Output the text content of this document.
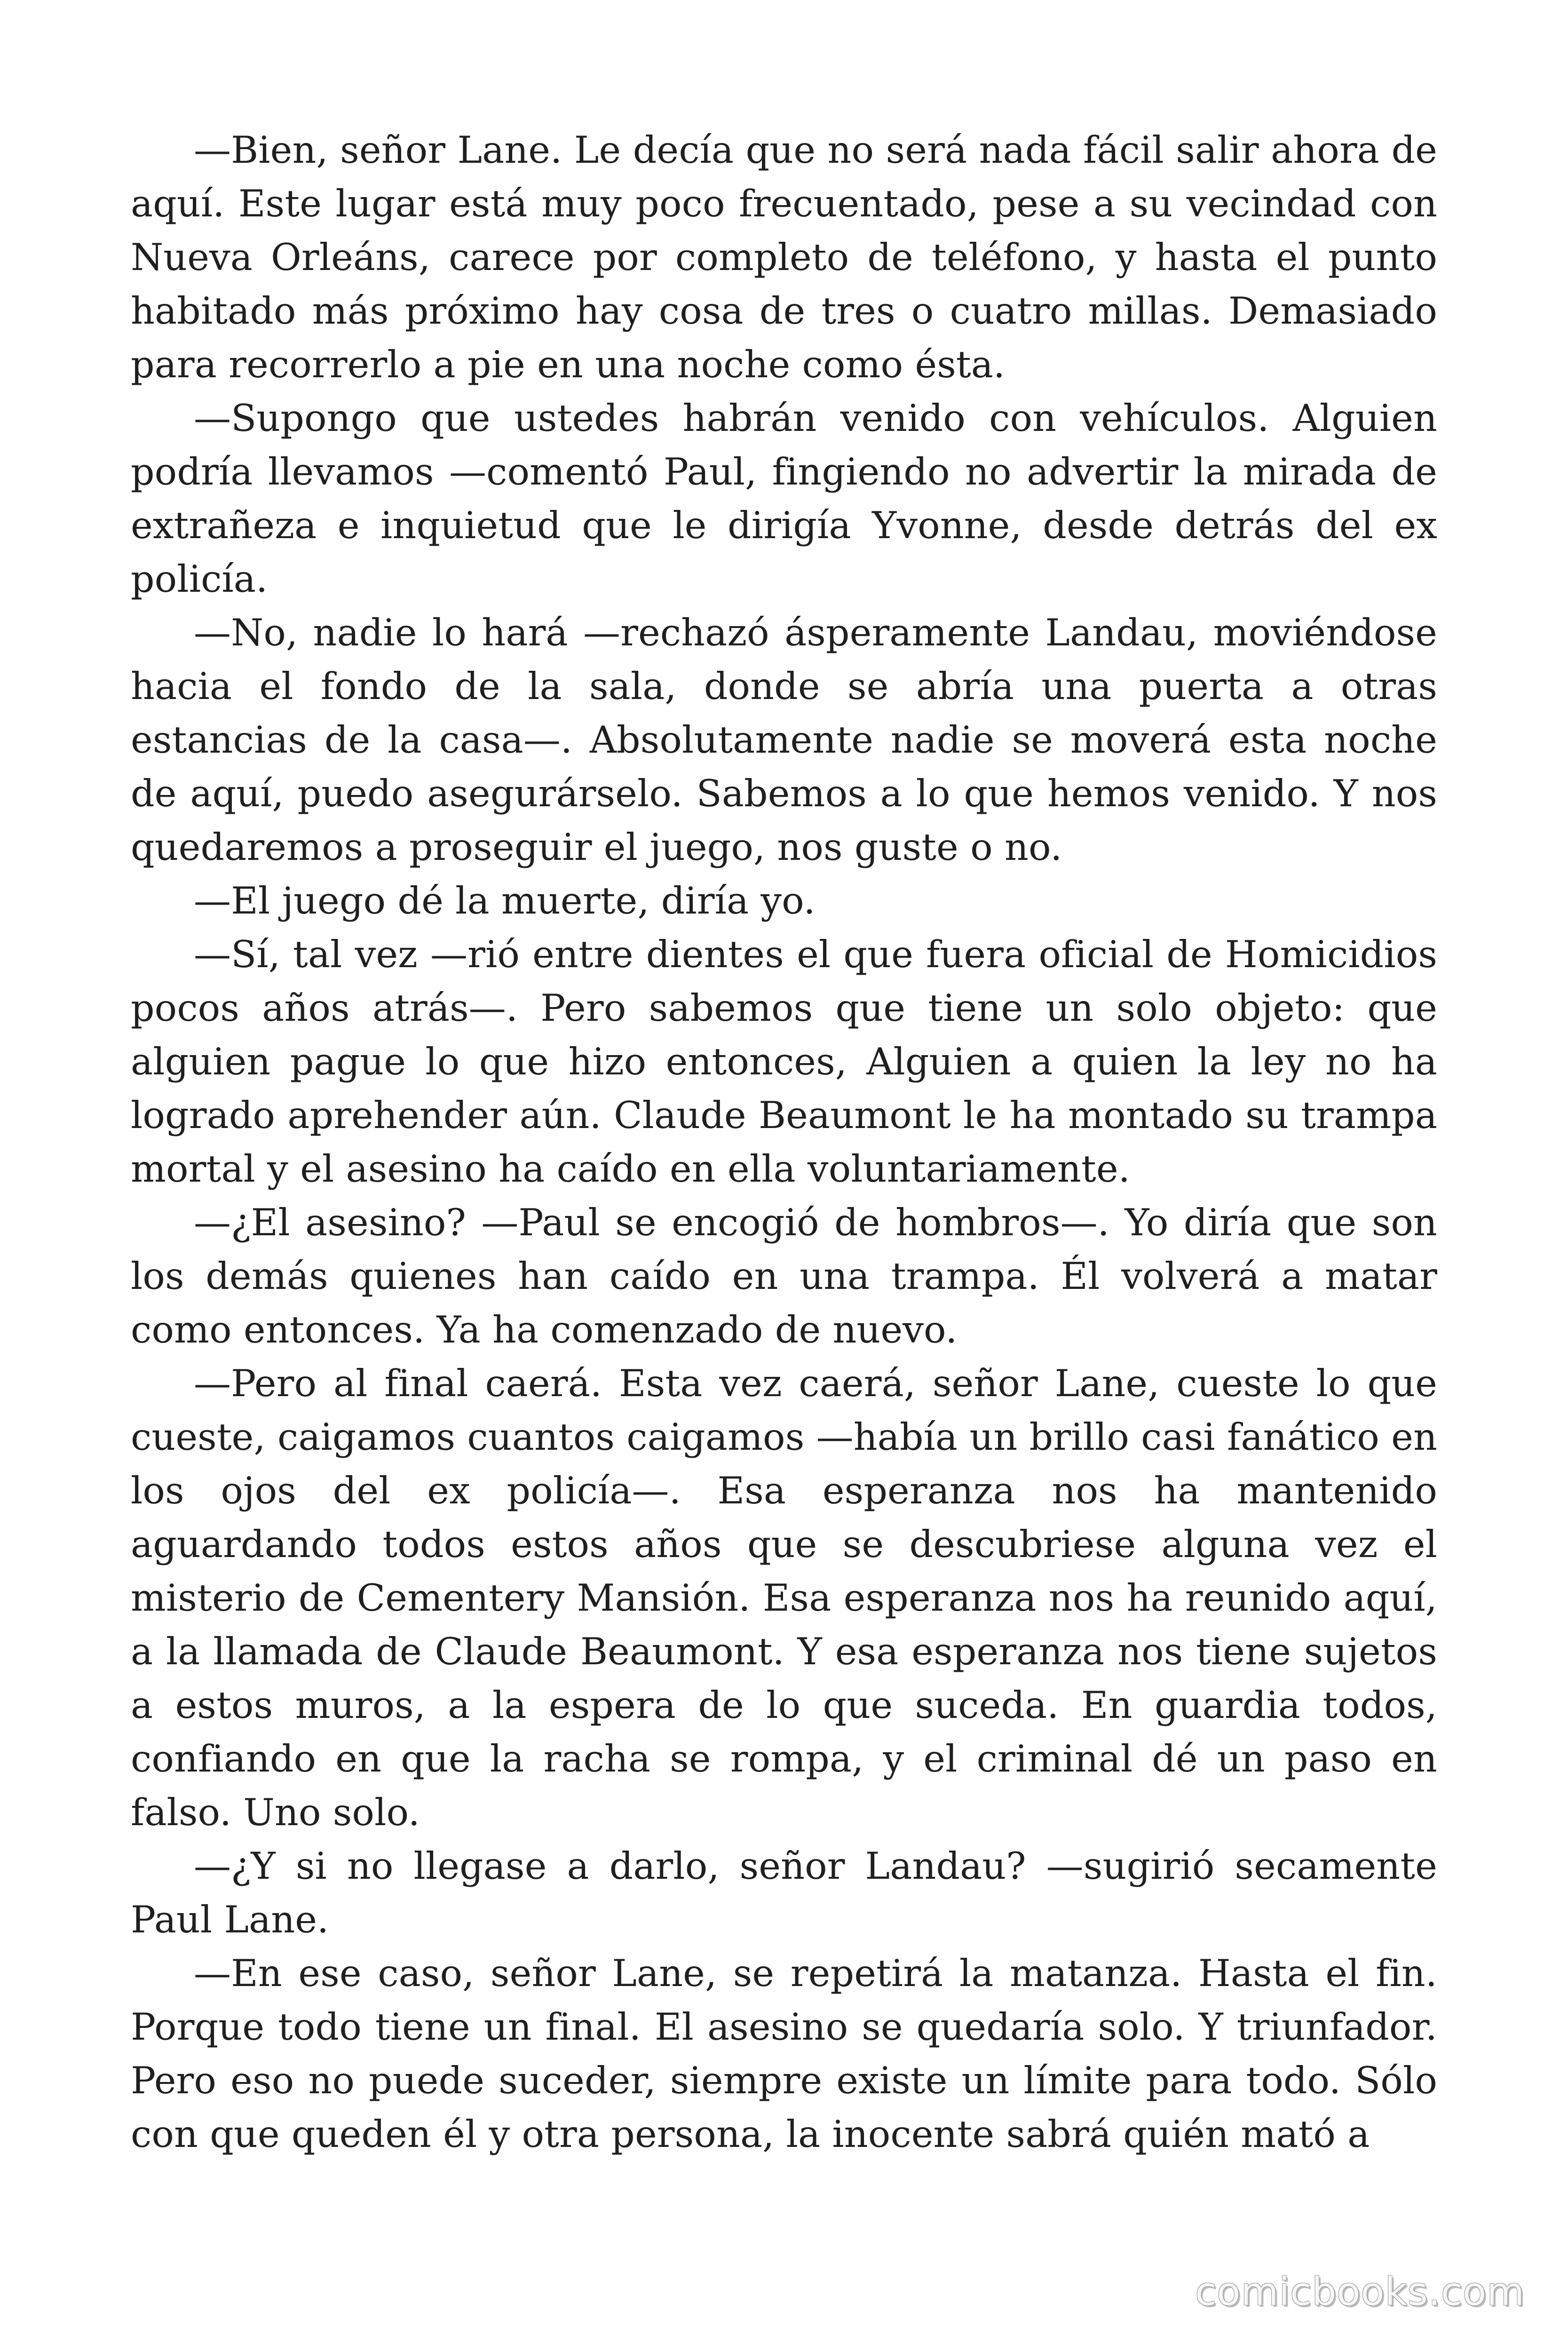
—Bien, señor Lane. Le decía que no será nada fácil salir ahora de aquí. Este lugar está muy poco frecuentado, pese a su vecindad con Nueva Orleáns, carece por completo de teléfono, y hasta el punto habitado más próximo hay cosa de tres o cuatro millas. Demasiado para recorrerlo a pie en una noche como ésta.

—Supongo que ustedes habrán venido con vehículos. Alguien podría llevamos —comentó Paul, fingiendo no advertir la mirada de extrañeza e inquietud que le dirigía Yvonne, desde detrás del ex policía.

—No, nadie lo hará —rechazó ásperamente Landau, moviéndose hacia el fondo de la sala, donde se abría una puerta a otras estancias de la casa—. Absolutamente nadie se moverá esta noche de aquí, puedo asegurárselo. Sabemos a lo que hemos venido. Y nos quedaremos a proseguir el juego, nos guste o no.

—El juego dé la muerte, diría yo.

—Sí, tal vez —rió entre dientes el que fuera oficial de Homicidios pocos años atrás—. Pero sabemos que tiene un solo objeto: que alguien pague lo que hizo entonces, Alguien a quien la ley no ha logrado aprehender aún. Claude Beaumont le ha montado su trampa mortal y el asesino ha caído en ella voluntariamente.

—¿El asesino? —Paul se encogió de hombros—. Yo diría que son los demás quienes han caído en una trampa. Él volverá a matar como entonces. Ya ha comenzado de nuevo.

—Pero al final caerá. Esta vez caerá, señor Lane, cueste lo que cueste, caigamos cuantos caigamos —había un brillo casi fanático en los ojos del ex policía—. Esa esperanza nos ha mantenido aguardando todos estos años que se descubriese alguna vez el misterio de Cementery Mansión. Esa esperanza nos ha reunido aquí, a la llamada de Claude Beaumont. Y esa esperanza nos tiene sujetos a estos muros, a la espera de lo que suceda. En guardia todos, confiando en que la racha se rompa, y el criminal dé un paso en falso. Uno solo.

—¿Y si no llegase a darlo, señor Landau? —sugirió secamente Paul Lane.

—En ese caso, señor Lane, se repetirá la matanza. Hasta el fin. Porque todo tiene un final. El asesino se quedaría solo. Y triunfador. Pero eso no puede suceder, siempre existe un límite para todo. Sólo con que queden él y otra persona, la inocente sabrá quién mató a

comicbooks.com
